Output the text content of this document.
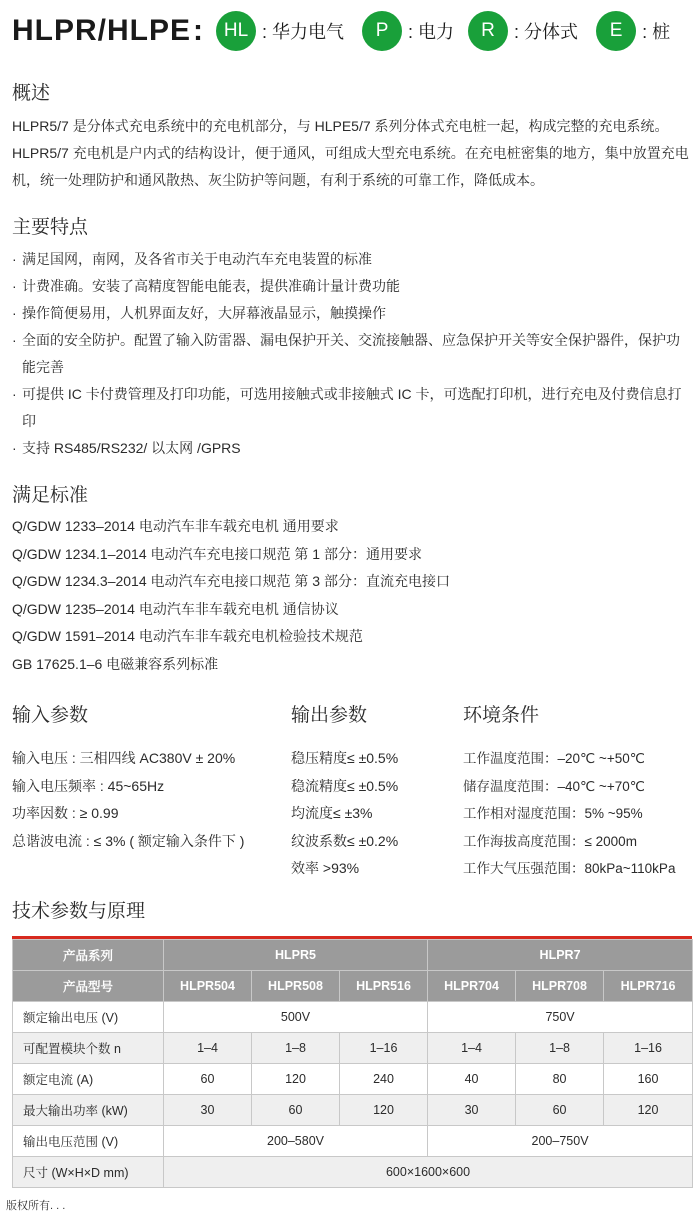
HLPR/HLPE :	HL : 华力电气	P	: 电力	R	: 分体式	E	: 桩
概述
HLPR5/7 是分体式充电系统中的充电机部分，与 HLPE5/7 系列分体式充电桩一起，构成完整的充电系统。
HLPR5/7 充电机是户内式的结构设计，便于通风，可组成大型充电系统。在充电桩密集的地方，集中放置充电机，统一处理防护和通风散热、灰尘防护等问题，有利于系统的可靠工作，降低成本。
主要特点
· 满足国网，南网，及各省市关于电动汽车充电装置的标准
· 计费准确。安装了高精度智能电能表，提供准确计量计费功能
· 操作简便易用，人机界面友好，大屏幕液晶显示，触摸操作
· 全面的安全防护。配置了输入防雷器、漏电保护开关、交流接触器、应急保护开关等安全保护器件，保护功能完善
· 可提供 IC 卡付费管理及打印功能，可选用接触式或非接触式 IC 卡，可选配打印机，进行充电及付费信息打印
· 支持 RS485/RS232/ 以太网 /GPRS
满足标准
Q/GDW 1233–2014 电动汽车非车载充电机 通用要求
Q/GDW 1234.1–2014 电动汽车充电接口规范 第 1 部分：通用要求
Q/GDW 1234.3–2014 电动汽车充电接口规范 第 3 部分：直流充电接口
Q/GDW 1235–2014 电动汽车非车载充电机 通信协议
Q/GDW 1591–2014 电动汽车非车载充电机检验技术规范
GB 17625.1–6 电磁兼容系列标准
输入参数
输入电压 : 三相四线 AC380V ± 20%
输入电压频率 : 45~65Hz
功率因数 : ≥ 0.99
总谐波电流 : ≤ 3% ( 额定输入条件下 )
输出参数
稳压精度≤ ±0.5%
稳流精度≤ ±0.5%
均流度≤ ±3%
纹波系数≤ ±0.2%
效率 >93%
环境条件
工作温度范围：–20℃ ~+50℃
储存温度范围：–40℃ ~+70℃
工作相对湿度范围：5% ~95%
工作海拔高度范围：≤ 2000m
工作大气压强范围：80kPa~110kPa
技术参数与原理
产品系列	HLPR5			HLPR7		
产品型号	HLPR504	HLPR508	HLPR516	HLPR704	HLPR708	HLPR716
额定输出电压 (V)	500V			750V		
可配置模块个数 n	1–4	1–8	1–16	1–4	1–8	1–16
额定电流 (A)	60	120	240	40	80	160
最大输出功率 (kW)	30	60	120	30	60	120
输出电压范围 (V)	200–580V			200–750V		
尺寸 (W×H×D mm)	600×1600×600					
版权所有. . .
